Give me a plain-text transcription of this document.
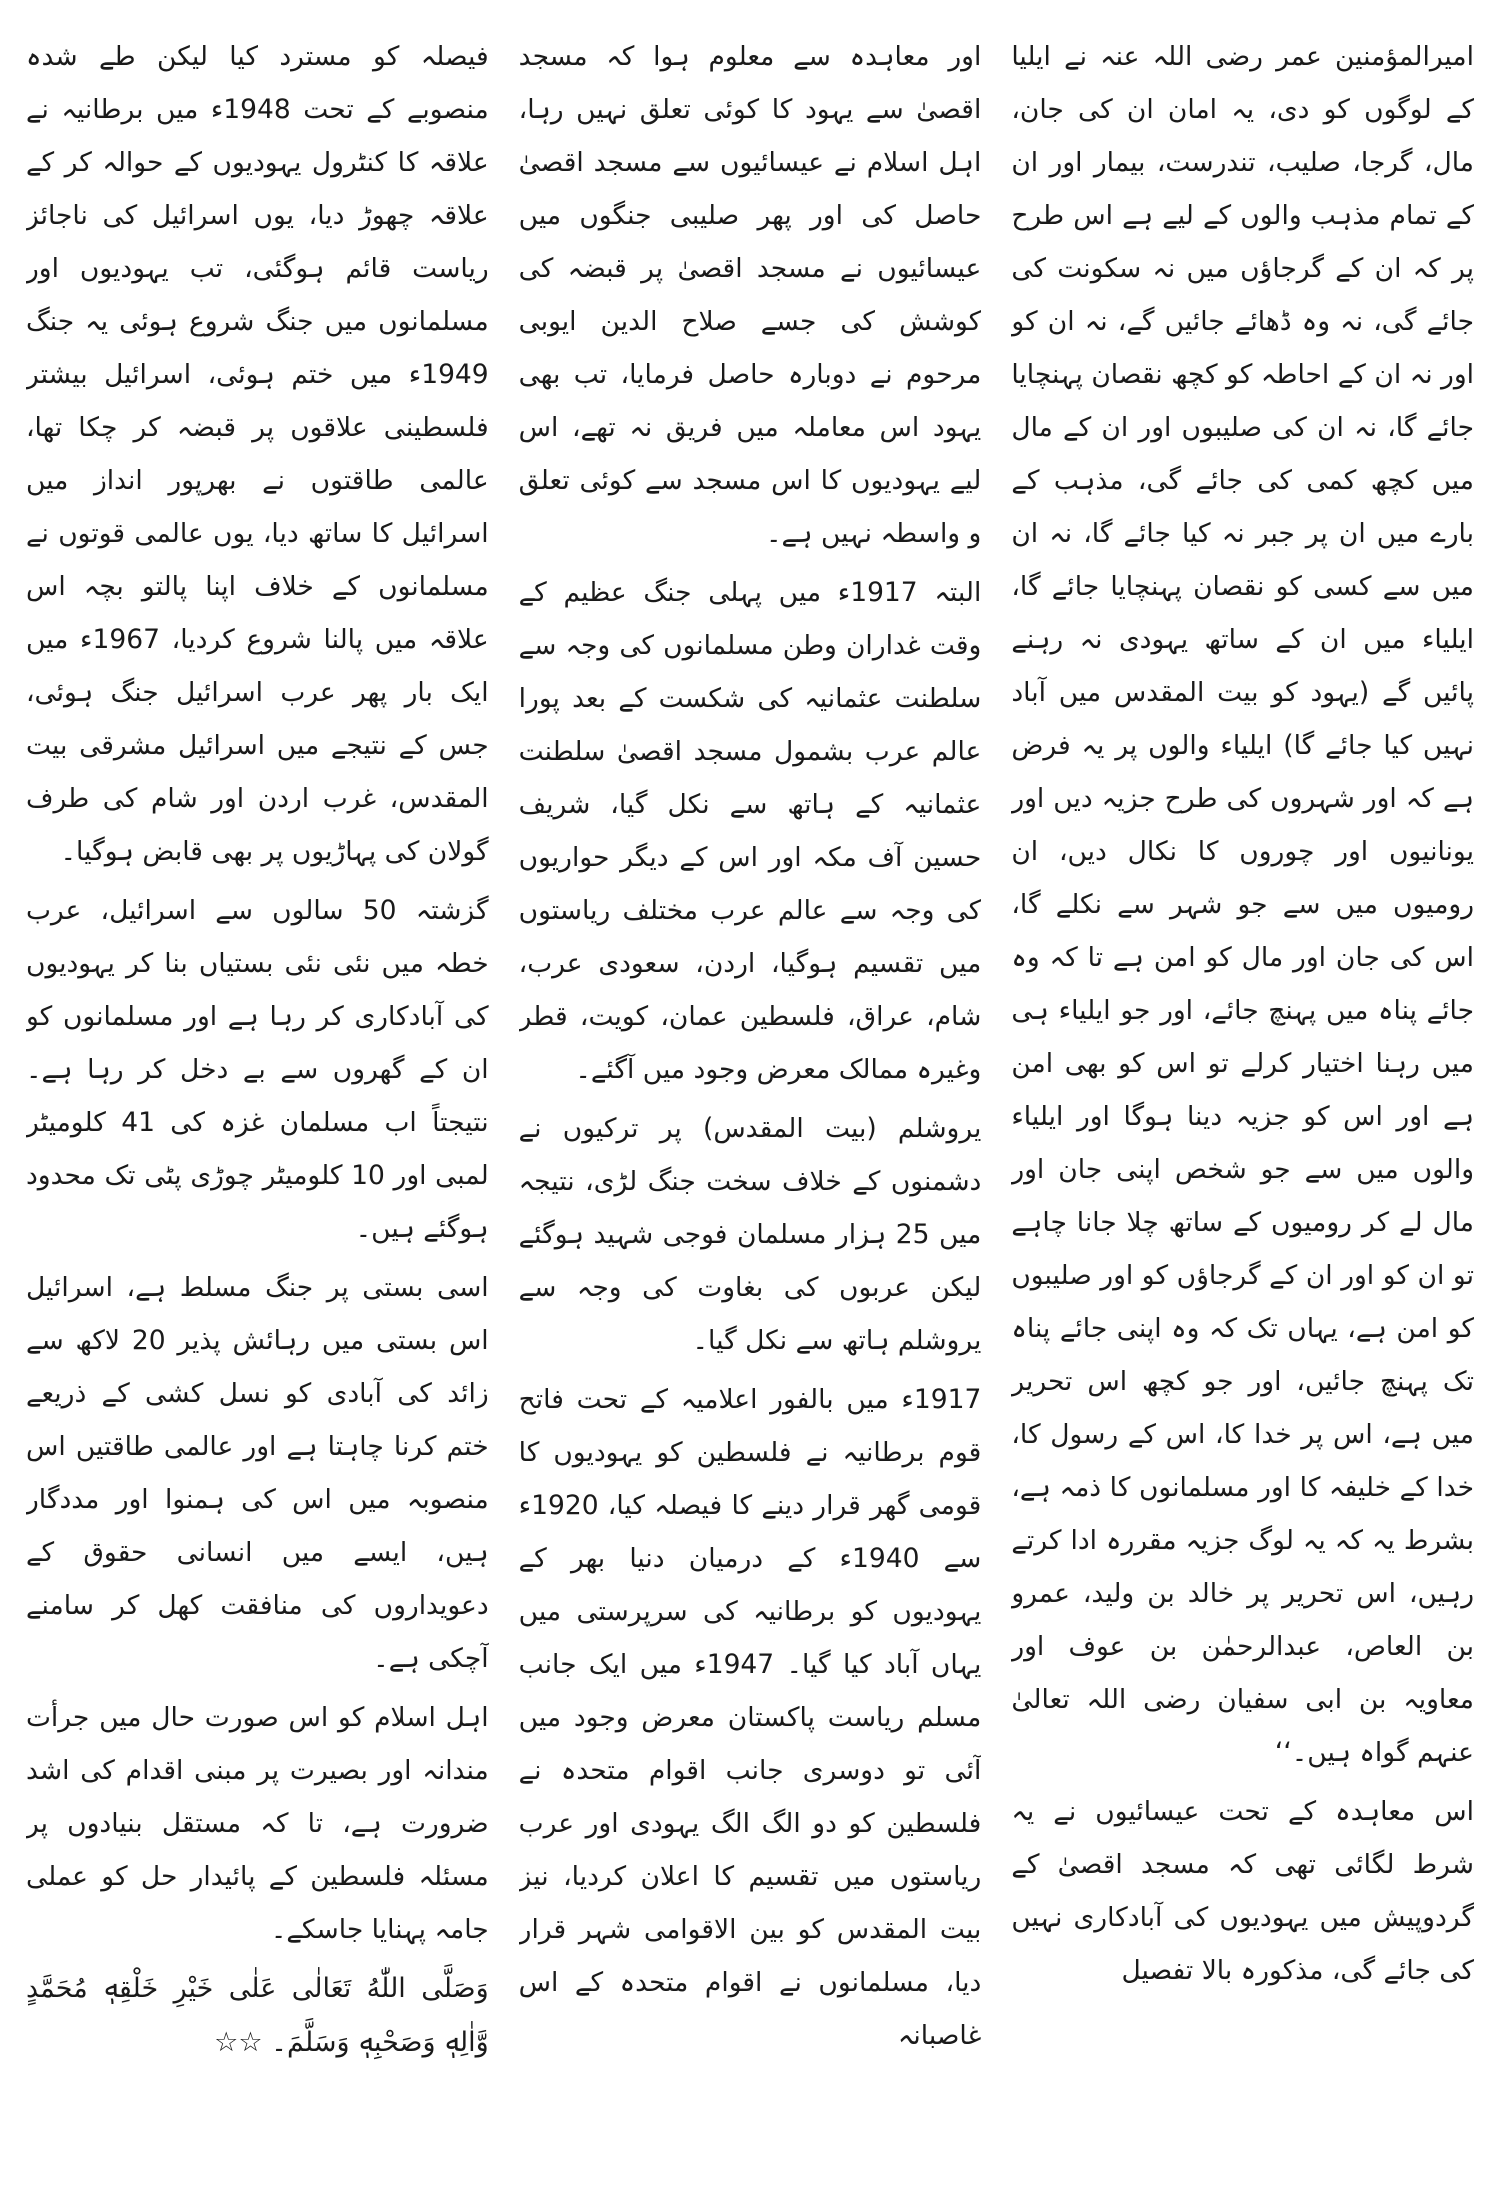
امیرالمؤمنین عمر رضی اللہ عنہ نے ایلیا کے لوگوں کو دی، یہ امان ان کی جان، مال، گرجا، صلیب، تندرست، بیمار اور ان کے تمام مذہب والوں کے لیے ہے اس طرح پر کہ ان کے گرجاؤں میں نہ سکونت کی جائے گی، نہ وہ ڈھائے جائیں گے، نہ ان کو اور نہ ان کے احاطہ کو کچھ نقصان پہنچایا جائے گا، نہ ان کی صلیبوں اور ان کے مال میں کچھ کمی کی جائے گی، مذہب کے بارے میں ان پر جبر نہ کیا جائے گا، نہ ان میں سے کسی کو نقصان پہنچایا جائے گا، ایلیاء میں ان کے ساتھ یہودی نہ رہنے پائیں گے (یہود کو بیت المقدس میں آباد نہیں کیا جائے گا) ایلیاء والوں پر یہ فرض ہے کہ اور شہروں کی طرح جزیہ دیں اور یونانیوں اور چوروں کا نکال دیں، ان رومیوں میں سے جو شہر سے نکلے گا، اس کی جان اور مال کو امن ہے تا کہ وہ جائے پناہ میں پہنچ جائے، اور جو ایلیاء ہی میں رہنا اختیار کرلے تو اس کو بھی امن ہے اور اس کو جزیہ دینا ہوگا اور ایلیاء والوں میں سے جو شخص اپنی جان اور مال لے کر رومیوں کے ساتھ چلا جانا چاہے تو ان کو اور ان کے گرجاؤں کو اور صلیبوں کو امن ہے، یہاں تک کہ وہ اپنی جائے پناہ تک پہنچ جائیں، اور جو کچھ اس تحریر میں ہے، اس پر خدا کا، اس کے رسول کا، خدا کے خلیفہ کا اور مسلمانوں کا ذمہ ہے، بشرط یہ کہ یہ لوگ جزیہ مقررہ ادا کرتے رہیں، اس تحریر پر خالد بن ولید، عمرو بن العاص، عبدالرحمٰن بن عوف اور معاویہ بن ابی سفیان رضی اللہ تعالیٰ عنہم گواہ ہیں۔‘‘

اس معاہدہ کے تحت عیسائیوں نے یہ شرط لگائی تھی کہ مسجد اقصیٰ کے گردوپیش میں یہودیوں کی آبادکاری نہیں کی جائے گی، مذکورہ بالا تفصیل

اور معاہدہ سے معلوم ہوا کہ مسجد اقصیٰ سے یہود کا کوئی تعلق نہیں رہا، اہل اسلام نے عیسائیوں سے مسجد اقصیٰ حاصل کی اور پھر صلیبی جنگوں میں عیسائیوں نے مسجد اقصیٰ پر قبضہ کی کوشش کی جسے صلاح الدین ایوبی مرحوم نے دوبارہ حاصل فرمایا، تب بھی یہود اس معاملہ میں فریق نہ تھے، اس لیے یہودیوں کا اس مسجد سے کوئی تعلق و واسطہ نہیں ہے۔

البتہ 1917ء میں پہلی جنگ عظیم کے وقت غداران وطن مسلمانوں کی وجہ سے سلطنت عثمانیہ کی شکست کے بعد پورا عالم عرب بشمول مسجد اقصیٰ سلطنت عثمانیہ کے ہاتھ سے نکل گیا، شریف حسین آف مکہ اور اس کے دیگر حواریوں کی وجہ سے عالم عرب مختلف ریاستوں میں تقسیم ہوگیا، اردن، سعودی عرب، شام، عراق، فلسطین عمان، کویت، قطر وغیرہ ممالک معرض وجود میں آگئے۔

یروشلم (بیت المقدس) پر ترکیوں نے دشمنوں کے خلاف سخت جنگ لڑی، نتیجہ میں 25 ہزار مسلمان فوجی شہید ہوگئے لیکن عربوں کی بغاوت کی وجہ سے یروشلم ہاتھ سے نکل گیا۔

1917ء میں بالفور اعلامیہ کے تحت فاتح قوم برطانیہ نے فلسطین کو یہودیوں کا قومی گھر قرار دینے کا فیصلہ کیا، 1920ء سے 1940ء کے درمیان دنیا بھر کے یہودیوں کو برطانیہ کی سرپرستی میں یہاں آباد کیا گیا۔ 1947ء میں ایک جانب مسلم ریاست پاکستان معرض وجود میں آئی تو دوسری جانب اقوام متحدہ نے فلسطین کو دو الگ الگ یہودی اور عرب ریاستوں میں تقسیم کا اعلان کردیا، نیز بیت المقدس کو بین الاقوامی شہر قرار دیا، مسلمانوں نے اقوام متحدہ کے اس غاصبانہ

فیصلہ کو مسترد کیا لیکن طے شدہ منصوبے کے تحت 1948ء میں برطانیہ نے علاقہ کا کنٹرول یہودیوں کے حوالہ کر کے علاقہ چھوڑ دیا، یوں اسرائیل کی ناجائز ریاست قائم ہوگئی، تب یہودیوں اور مسلمانوں میں جنگ شروع ہوئی یہ جنگ 1949ء میں ختم ہوئی، اسرائیل بیشتر فلسطینی علاقوں پر قبضہ کر چکا تھا، عالمی طاقتوں نے بھرپور انداز میں اسرائیل کا ساتھ دیا، یوں عالمی قوتوں نے مسلمانوں کے خلاف اپنا پالتو بچہ اس علاقہ میں پالنا شروع کردیا، 1967ء میں ایک بار پھر عرب اسرائیل جنگ ہوئی، جس کے نتیجے میں اسرائیل مشرقی بیت المقدس، غرب اردن اور شام کی طرف گولان کی پہاڑیوں پر بھی قابض ہوگیا۔

گزشتہ 50 سالوں سے اسرائیل، عرب خطہ میں نئی نئی بستیاں بنا کر یہودیوں کی آبادکاری کر رہا ہے اور مسلمانوں کو ان کے گھروں سے بے دخل کر رہا ہے۔ نتیجتاً اب مسلمان غزہ کی 41 کلومیٹر لمبی اور 10 کلومیٹر چوڑی پٹی تک محدود ہوگئے ہیں۔

اسی بستی پر جنگ مسلط ہے، اسرائیل اس بستی میں رہائش پذیر 20 لاکھ سے زائد کی آبادی کو نسل کشی کے ذریعے ختم کرنا چاہتا ہے اور عالمی طاقتیں اس منصوبہ میں اس کی ہمنوا اور مددگار ہیں، ایسے میں انسانی حقوق کے دعویداروں کی منافقت کھل کر سامنے آچکی ہے۔

اہل اسلام کو اس صورت حال میں جرأت مندانہ اور بصیرت پر مبنی اقدام کی اشد ضرورت ہے، تا کہ مستقل بنیادوں پر مسئلہ فلسطین کے پائیدار حل کو عملی جامہ پہنایا جاسکے۔

وَصَلَّى اللّٰهُ تَعَالٰى عَلٰى خَيْرِ خَلْقِهٖ مُحَمَّدٍ وَّاٰلِهٖ وَصَحْبِهٖ وَسَلَّمَ۔ ☆☆
